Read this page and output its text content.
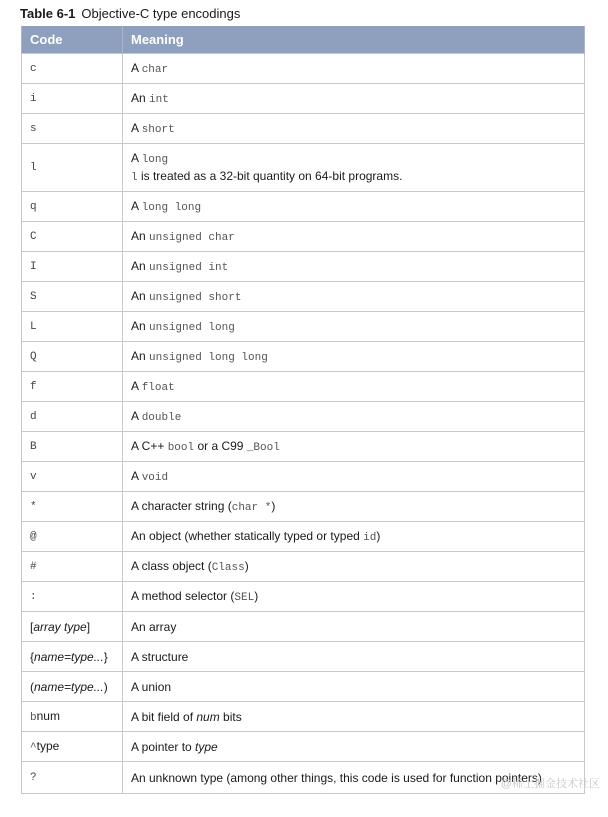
Table 6-1 Objective-C type encodings
Code	Meaning
c	A char
i	An int
s	A short
l	A long
l is treated as a 32-bit quantity on 64-bit programs.
q	A long long
C	An unsigned char
I	An unsigned int
S	An unsigned short
L	An unsigned long
Q	An unsigned long long
f	A float
d	A double
B	A C++ bool or a C99 _Bool
v	A void
*	A character string (char *)
@	An object (whether statically typed or typed id)
#	A class object (Class)
:	A method selector (SEL)
[array type]	An array
{name=type...}	A structure
(name=type...)	A union
bnum	A bit field of num bits
^type	A pointer to type
?	An unknown type (among other things, this code is used for function pointers)
@稀土掘金技术社区
